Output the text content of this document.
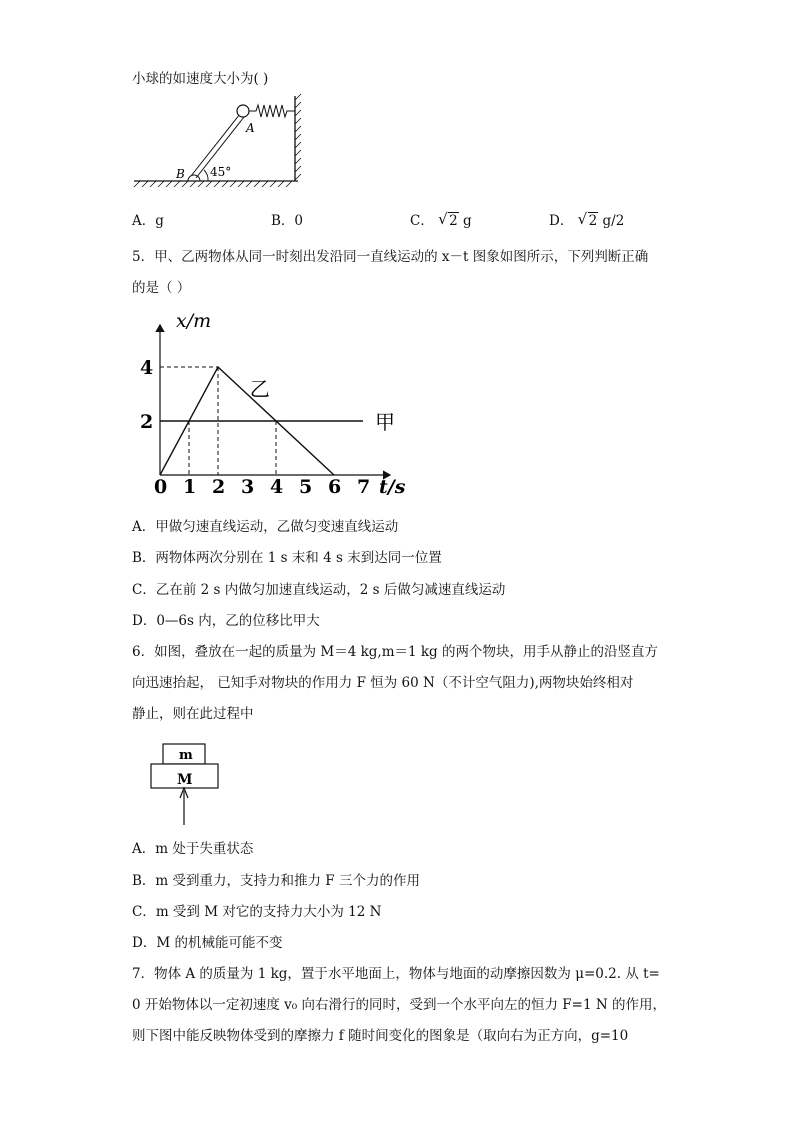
小球的如速度大小为( )
A
B 45°
A．g	B．0	C． √ 2 g	D． √ 2 g/2
5．甲、乙两物体从同一时刻出发沿同一直线运动的 x－t 图象如图所示，下列判断正确
的是（ ）
0 1 2 3 4 5 6 7
4
2
x/m
t/s
甲
乙
A．甲做匀速直线运动，乙做匀变速直线运动
B．两物体两次分别在 1 s 末和 4 s 末到达同一位置
C．乙在前 2 s 内做匀加速直线运动，2 s 后做匀减速直线运动
D．0—6s 内，乙的位移比甲大
6．如图，叠放在一起的质量为 M＝4 kg,m＝1 kg 的两个物块，用手从静止的沿竖直方
向迅速抬起， 已知手对物块的作用力 F 恒为 60 N（不计空气阻力),两物块始终相对
静止，则在此过程中
m
M
A．m 处于失重状态
B．m 受到重力，支持力和推力 F 三个力的作用
C．m 受到 M 对它的支持力大小为 12 N
D．M 的机械能可能不变
7．物体 A 的质量为 1 kg，置于水平地面上，物体与地面的动摩擦因数为 μ=0.2. 从 t=
0 开始物体以一定初速度 v₀ 向右滑行的同时，受到一个水平向左的恒力 F=1 N 的作用，
则下图中能反映物体受到的摩擦力 f 随时间变化的图象是（取向右为正方向，g=10
